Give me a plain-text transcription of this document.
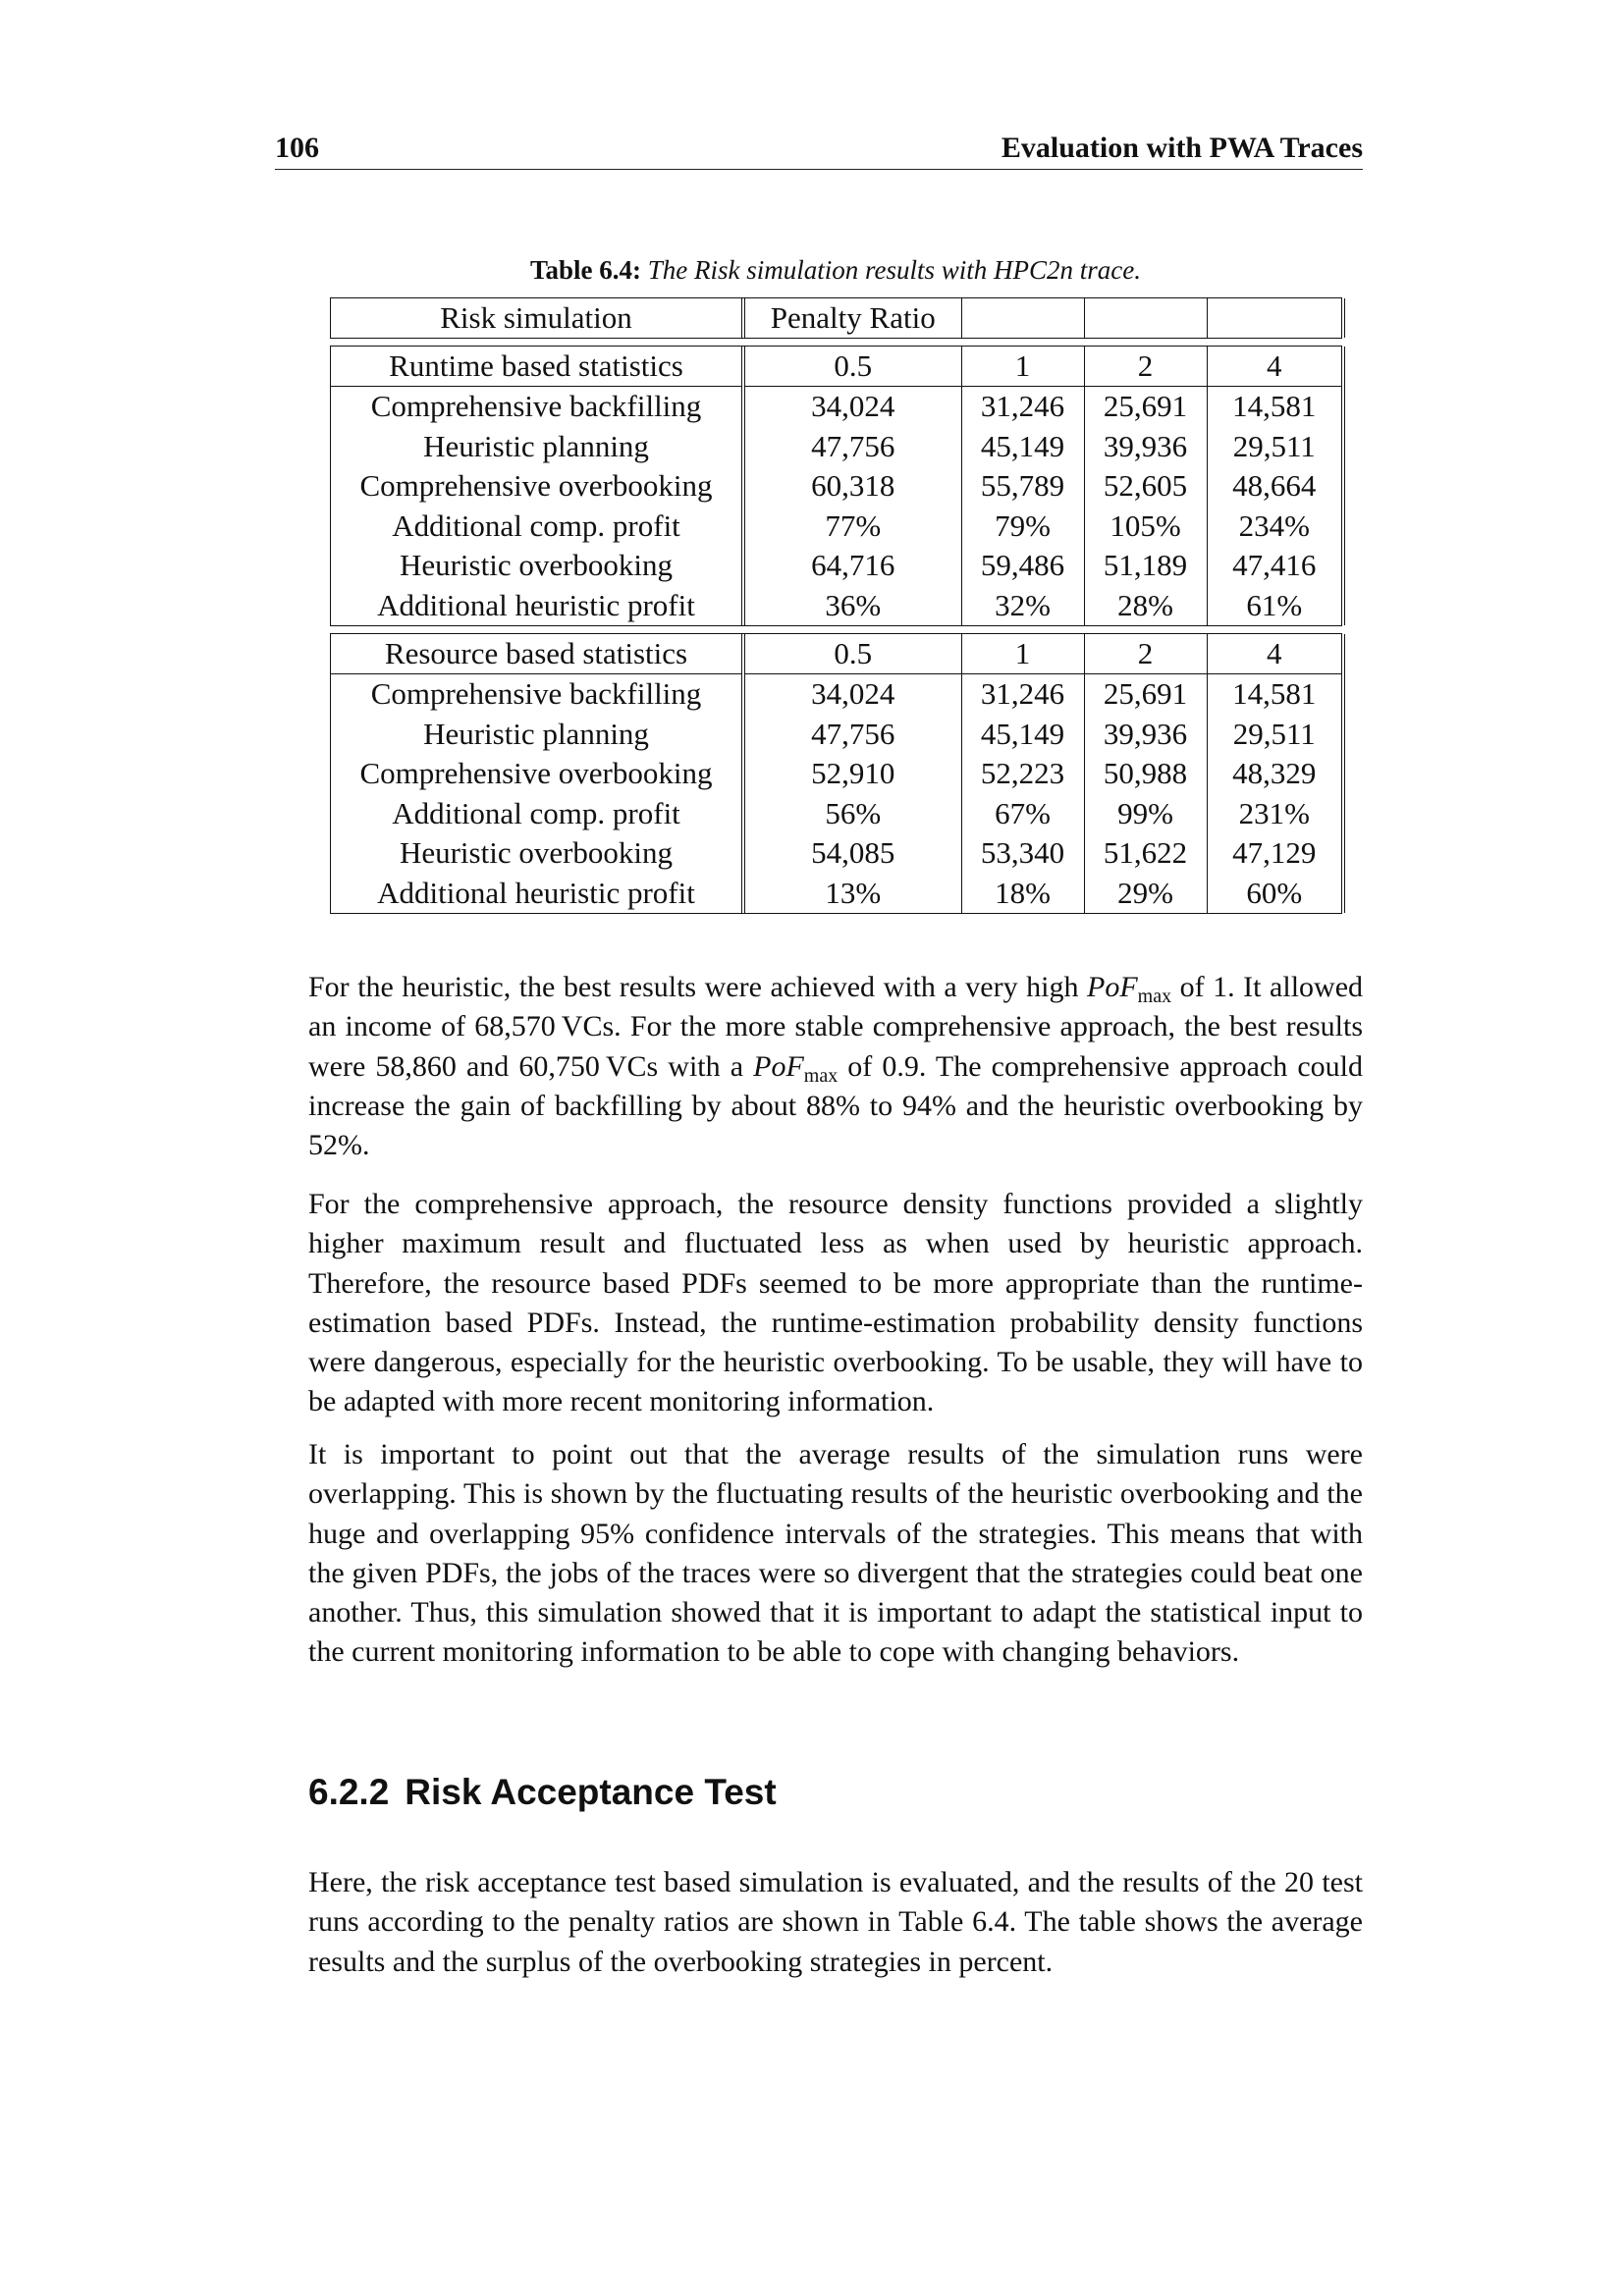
106	Evaluation with PWA Traces
Table 6.4: The Risk simulation results with HPC2n trace.
Risk simulation	Penalty Ratio			
Runtime based statistics	0.5	1	2	4
Comprehensive backfilling	34,024	31,246	25,691	14,581
Heuristic planning	47,756	45,149	39,936	29,511
Comprehensive overbooking	60,318	55,789	52,605	48,664
Additional comp. profit	77%	79%	105%	234%
Heuristic overbooking	64,716	59,486	51,189	47,416
Additional heuristic profit	36%	32%	28%	61%
Resource based statistics	0.5	1	2	4
Comprehensive backfilling	34,024	31,246	25,691	14,581
Heuristic planning	47,756	45,149	39,936	29,511
Comprehensive overbooking	52,910	52,223	50,988	48,329
Additional comp. profit	56%	67%	99%	231%
Heuristic overbooking	54,085	53,340	51,622	47,129
Additional heuristic profit	13%	18%	29%	60%
For the heuristic, the best results were achieved with a very high PoF$_{max}$ of 1. It allowed an income of 68,570 VCs. For the more stable comprehensive approach, the best results were 58,860 and 60,750 VCs with a PoF$_{max}$ of 0.9. The comprehensive approach could increase the gain of backfilling by about 88% to 94% and the heuristic overbooking by 52%.
For the comprehensive approach, the resource density functions provided a slightly higher maximum result and fluctuated less as when used by heuristic approach. Therefore, the resource based PDFs seemed to be more appropriate than the runtime-estimation based PDFs. Instead, the runtime-estimation probability density functions were dangerous, especially for the heuristic overbooking. To be usable, they will have to be adapted with more recent monitoring information.
It is important to point out that the average results of the simulation runs were overlapping. This is shown by the fluctuating results of the heuristic overbooking and the huge and overlapping 95% confidence intervals of the strategies. This means that with the given PDFs, the jobs of the traces were so divergent that the strategies could beat one another. Thus, this simulation showed that it is important to adapt the statistical input to the current monitoring information to be able to cope with changing behaviors.
6.2.2 Risk Acceptance Test
Here, the risk acceptance test based simulation is evaluated, and the results of the 20 test runs according to the penalty ratios are shown in Table 6.4. The table shows the average results and the surplus of the overbooking strategies in percent.
